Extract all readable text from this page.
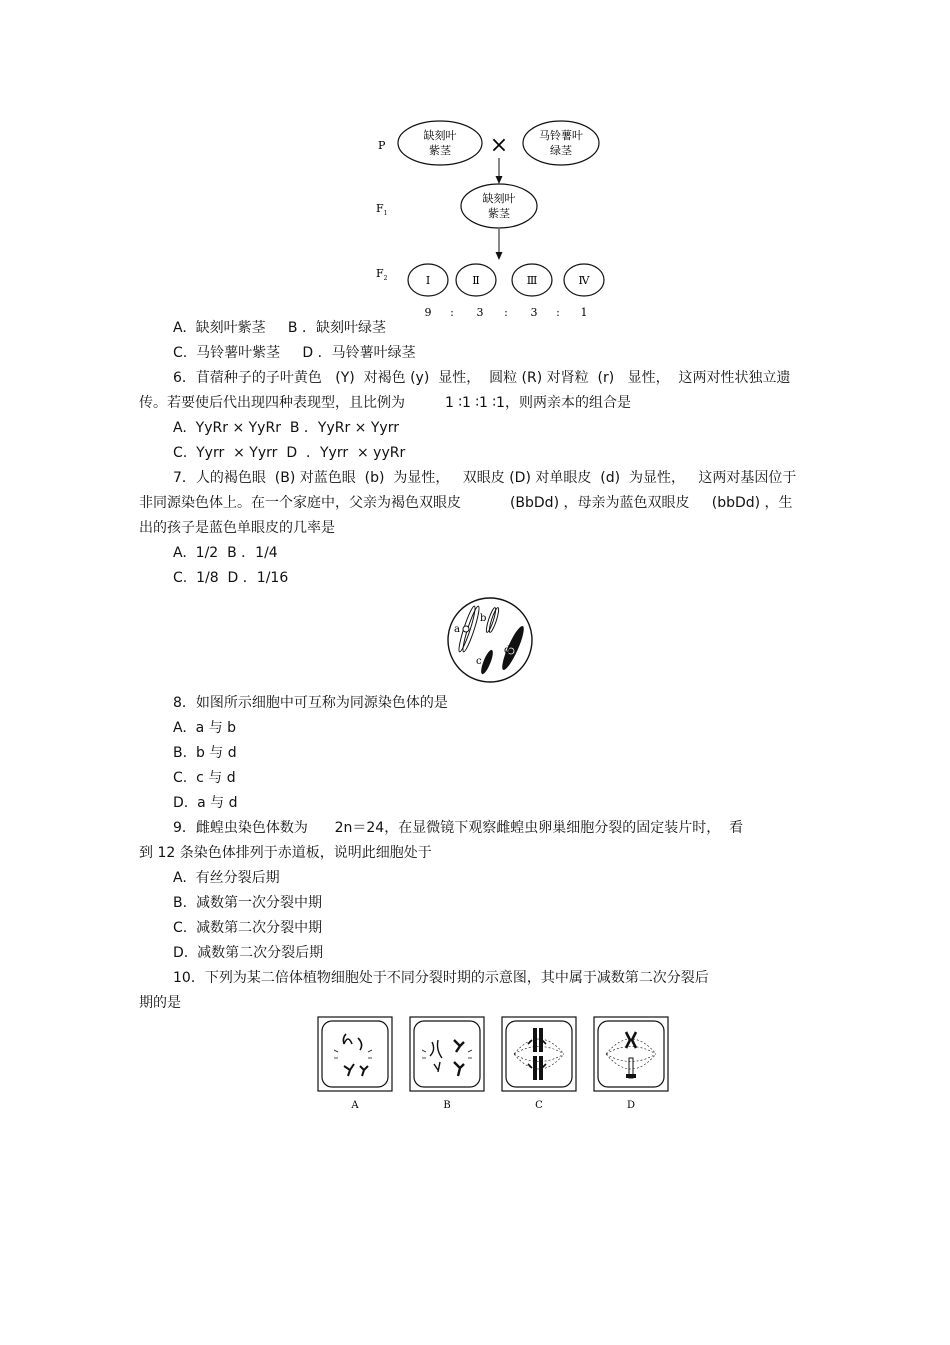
P
$F_1$
$F_2$
缺刻叶
紫茎 ×	马铃薯叶
绿茎
缺刻叶
紫茎
Ⅰ	Ⅱ	Ⅲ	Ⅳ
9 : 3 : 3 : 1
A.  缺刻叶紫茎     B ．缺刻叶绿茎
C.  马铃薯叶紫茎     D ．马铃薯叶绿茎
6．苜蓿种子的子叶黄色   (Y)  对褐色 (y)  显性，  圆粒 (R) 对肾粒  (r)   显性，  这两对性状独立遗
传。若要使后代出现四种表现型，且比例为         1 ∶1 ∶1 ∶1，则两亲本的组合是
A.  YyRr × YyRr  B ．YyRr × Yyrr
C.  Yyrr  × Yyrr  D  ．Yyrr  × yyRr
7．人的褐色眼  (B) 对蓝色眼  (b)  为显性，   双眼皮 (D) 对单眼皮  (d)  为显性，   这两对基因位于
非同源染色体上。在一个家庭中，父亲为褐色双眼皮           (BbDd) ，母亲为蓝色双眼皮     (bbDd) ，生
出的孩子是蓝色单眼皮的几率是
A.  1/2  B ．1/4
C.  1/8  D ．1/16
a
b
c
d
8．如图所示细胞中可互称为同源染色体的是
A.  a 与 b
B.  b 与 d
C.  c 与 d
D.  a 与 d
9．雌蝗虫染色体数为      2n＝24，在显微镜下观察雌蝗虫卵巢细胞分裂的固定装片时，  看
到 12 条染色体排列于赤道板，说明此细胞处于
A.  有丝分裂后期
B.  减数第一次分裂中期
C.  减数第二次分裂中期
D.  减数第二次分裂后期
10．下列为某二倍体植物细胞处于不同分裂时期的示意图，其中属于减数第二次分裂后
期的是
A	B	C	D
